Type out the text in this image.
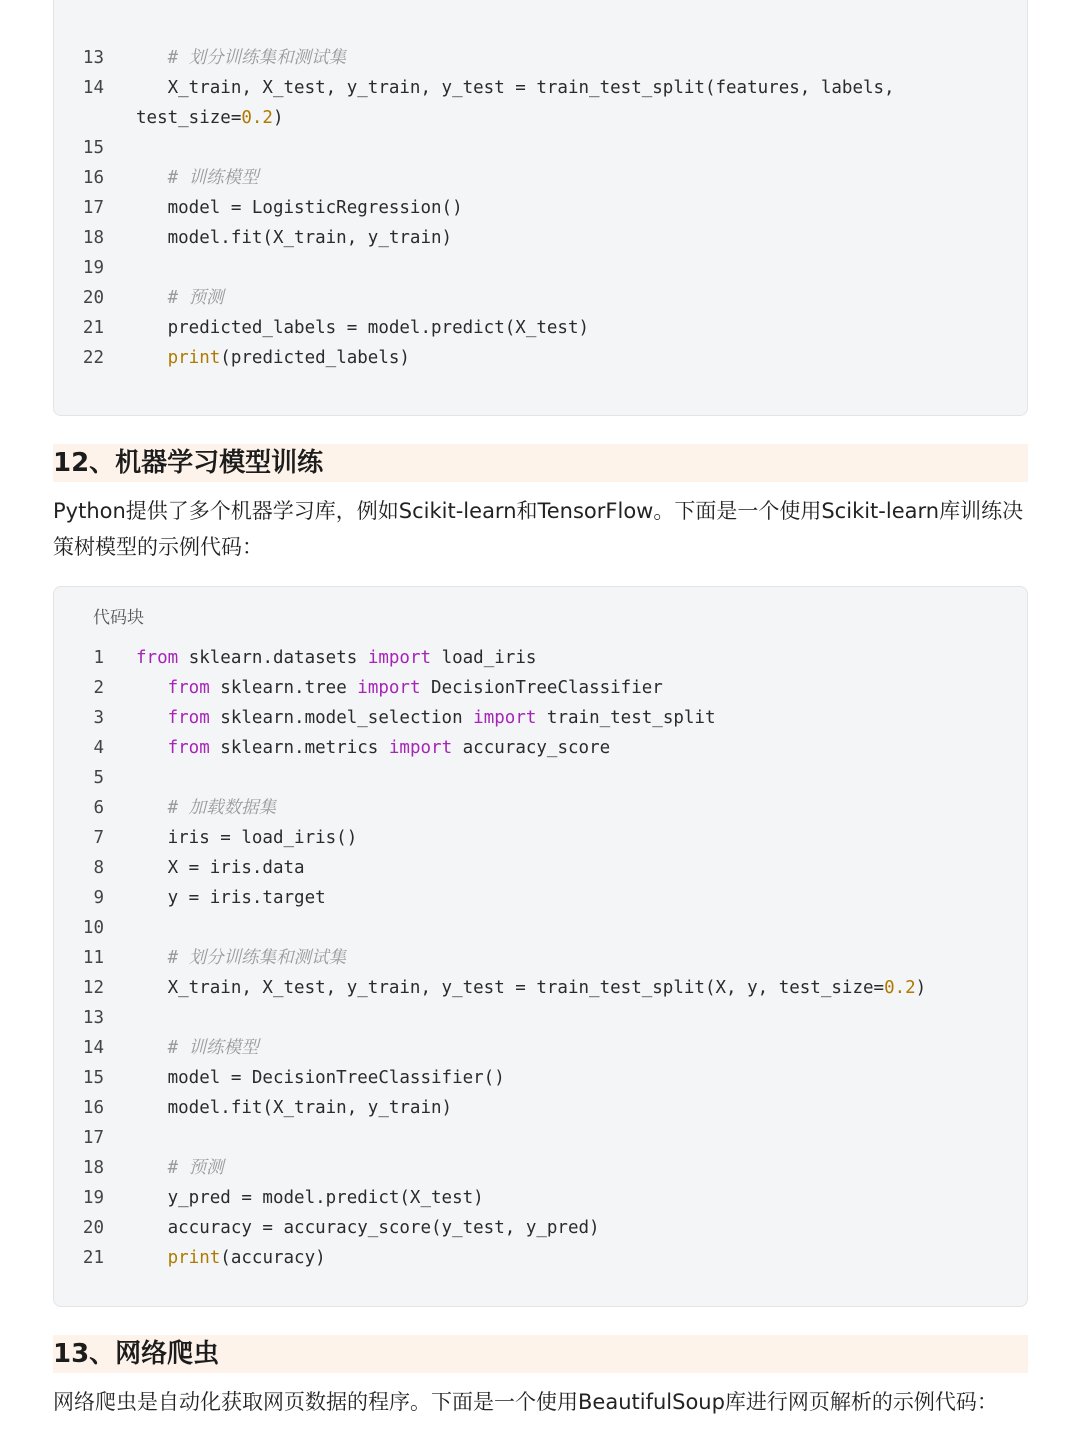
13	# 划分训练集和测试集
14	X_train, X_test, y_train, y_test = train_test_split(features, labels,
test_size=0.2)
15
16	# 训练模型
17	model = LogisticRegression()
18	model.fit(X_train, y_train)
19
20	# 预测
21	predicted_labels = model.predict(X_test)
22	print(predicted_labels)
12、机器学习模型训练
Python提供了多个机器学习库，例如Scikit-learn和TensorFlow。下面是一个使用Scikit-learn库训练决策树模型的示例代码：
代码块
1 from sklearn.datasets import load_iris
2	from sklearn.tree import DecisionTreeClassifier
3	from sklearn.model_selection import train_test_split
4	from sklearn.metrics import accuracy_score
5
6	# 加载数据集
7	iris = load_iris()
8	X = iris.data
9	y = iris.target
10
11	# 划分训练集和测试集
12	X_train, X_test, y_train, y_test = train_test_split(X, y, test_size=0.2)
13
14	# 训练模型
15	model = DecisionTreeClassifier()
16	model.fit(X_train, y_train)
17
18	# 预测
19	y_pred = model.predict(X_test)
20	accuracy = accuracy_score(y_test, y_pred)
21	print(accuracy)
13、网络爬虫
网络爬虫是自动化获取网页数据的程序。下面是一个使用BeautifulSoup库进行网页解析的示例代码：
